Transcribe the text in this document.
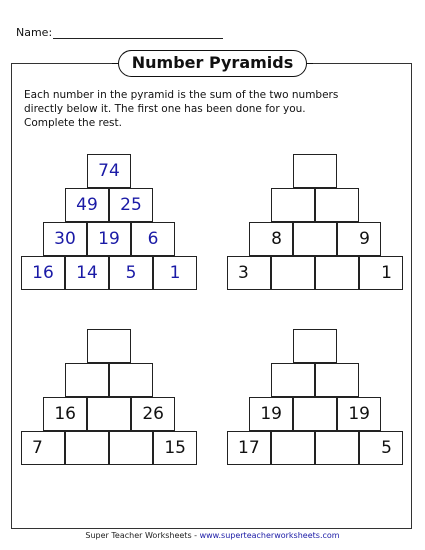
Name:
Number Pyramids
Each number in the pyramid is the sum of the two numbers
directly below it. The first one has been done for you.
Complete the rest.
74
49	25
30	19	6
16	14	5	1
8	9
3	1
16	26
7	15
19	19
17	5
Super Teacher Worksheets - www.superteacherworksheets.com
